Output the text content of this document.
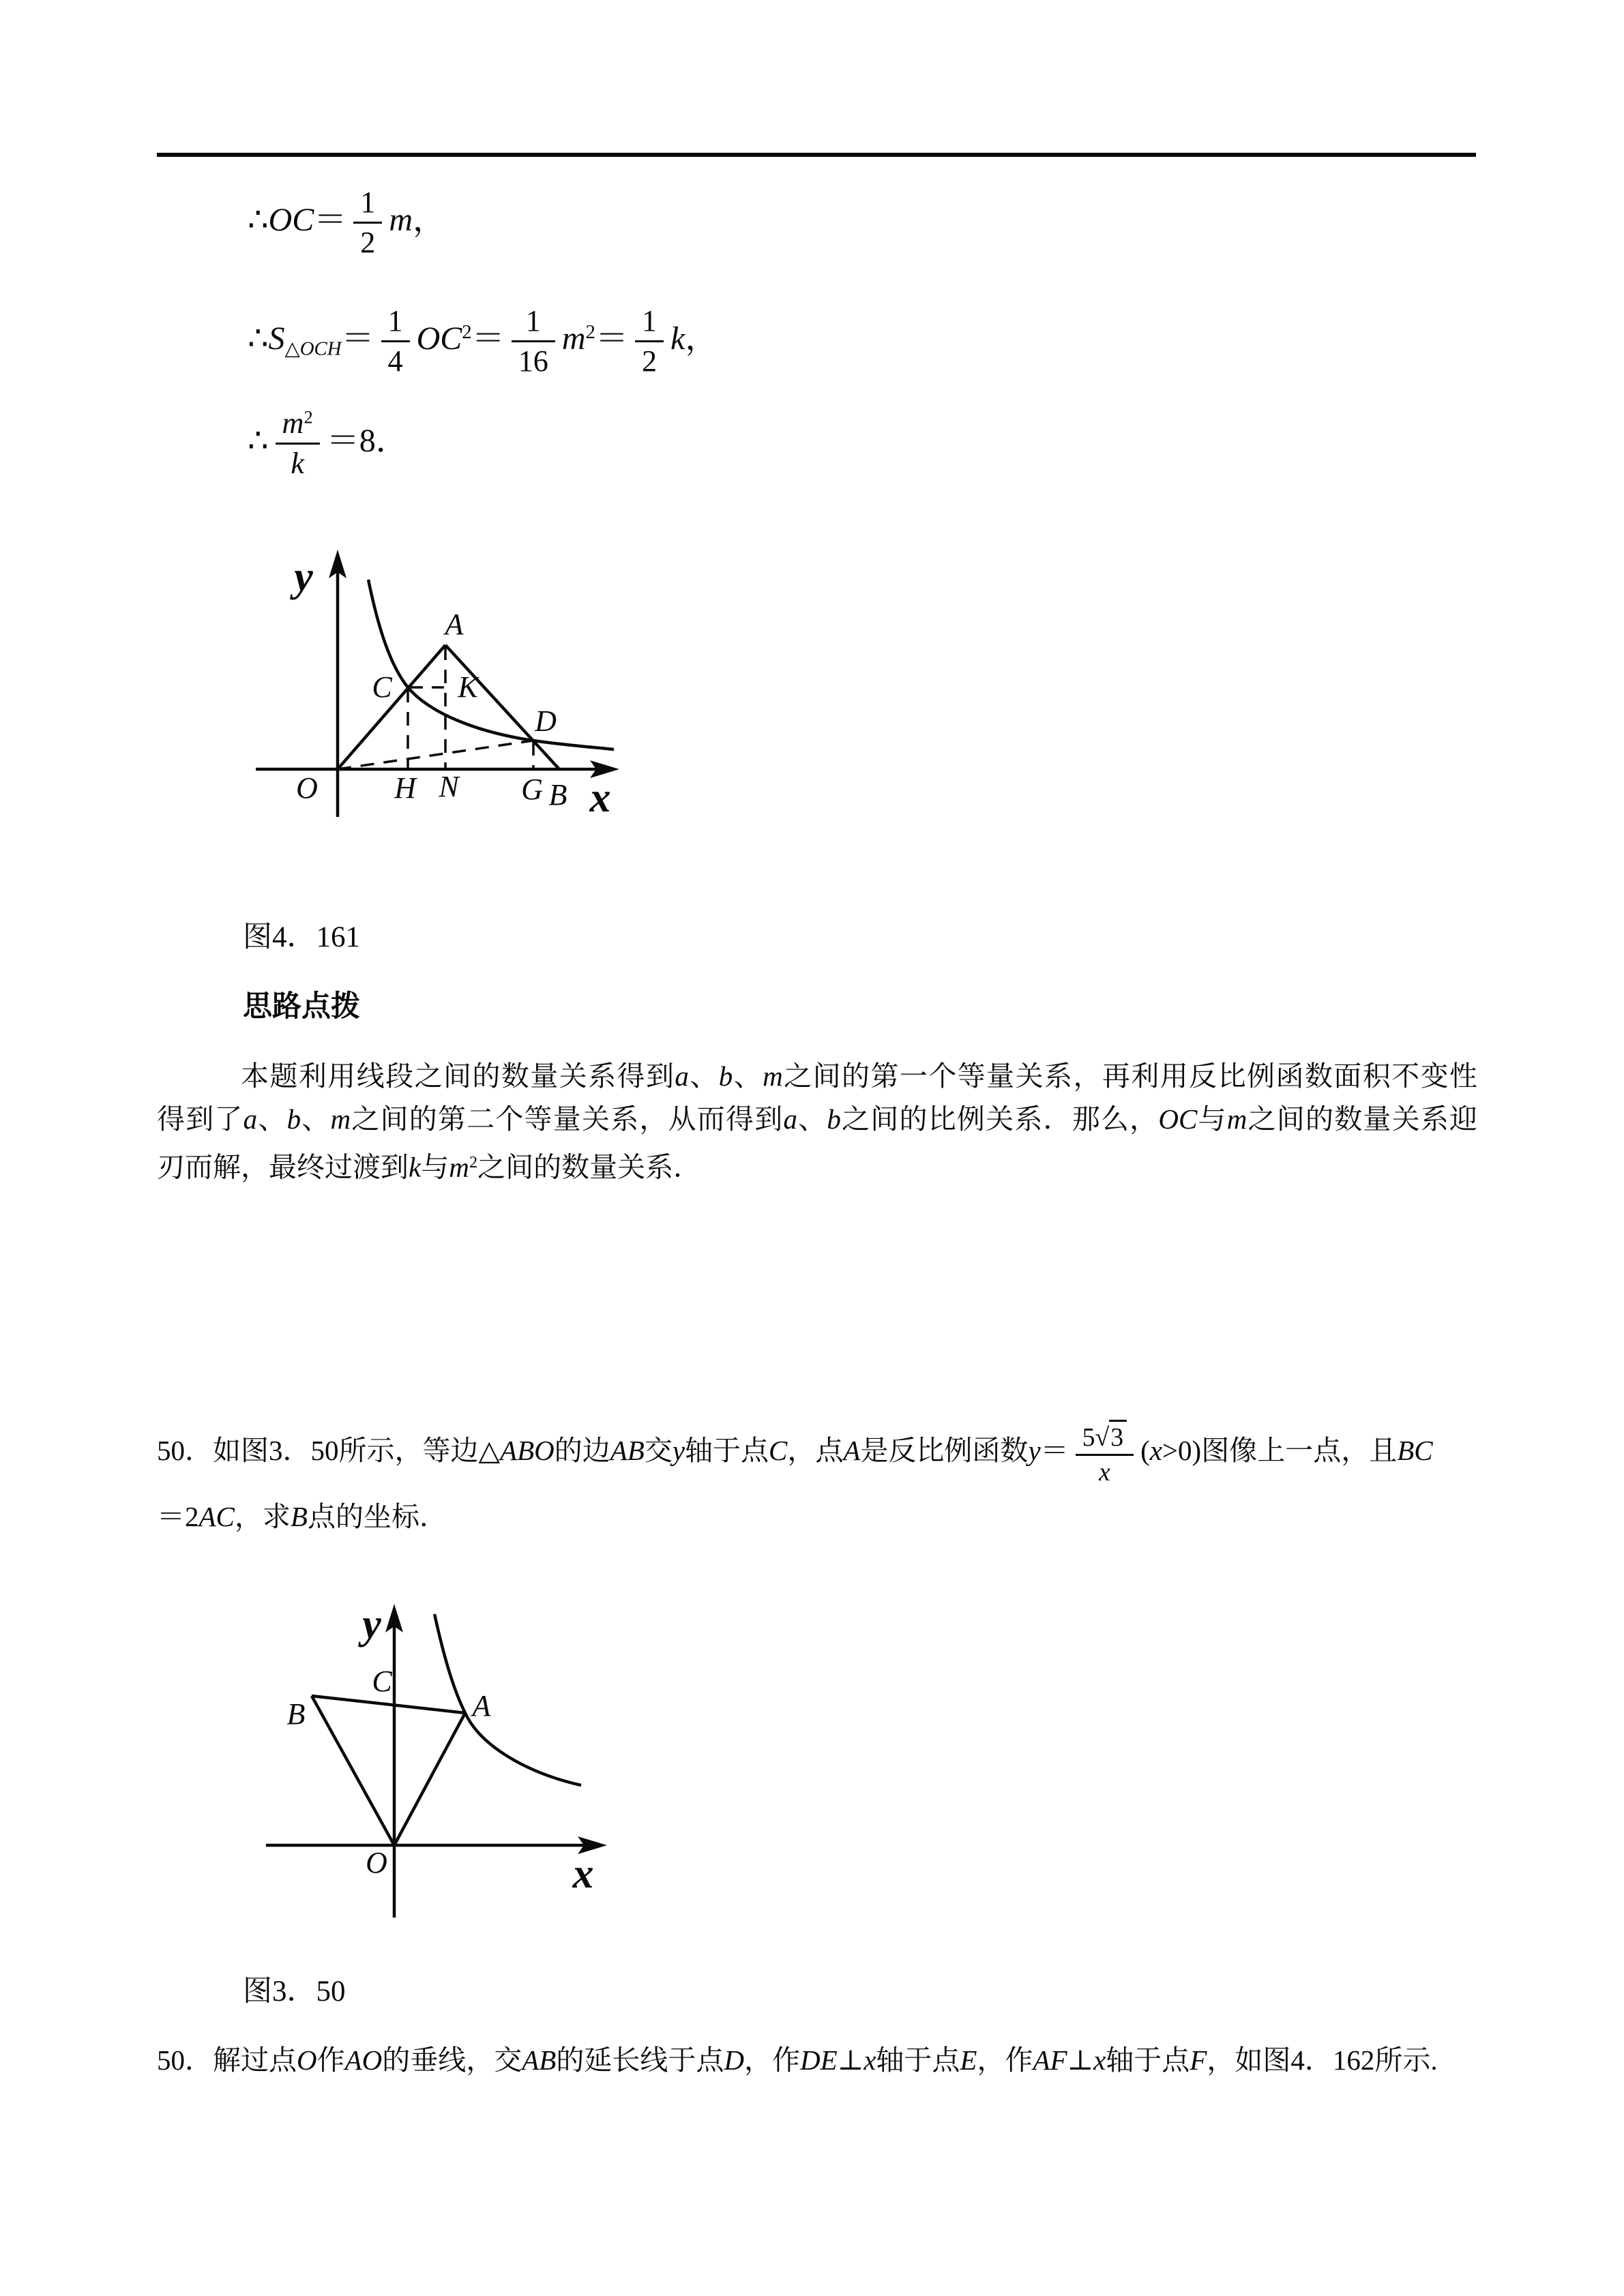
∴OC＝ $\frac{1}{2}$ m，
$\therefore S_{\triangle OCH}= \frac{1}{4} OC^2= \frac{1}{16} m^2= \frac{1}{2}$ k，
∴ $\frac{m^2}{k} =8$．
y
x
O	H N G B
A
C K
D
图4．161
思路点拨
本题利用线段之间的数量关系得到a、b、m之间的第一个等量关系，再利用反比例函数面积不变性
得到了a、b、m之间的第二个等量关系，从而得到a、b之间的比例关系．那么，OC与m之间的数量关系迎
刃而解，最终过渡到k与$m^2$之间的数量关系．
50．如图3．50所示，等边△ABO的边AB交y轴于点C，点A是反比例函数$y= \frac{5√3}{x} (x>0)$图像上一点，且BC
＝2AC，求B点的坐标．
y
x
C
B	A
O
图3．50
50．解过点O作AO的垂线，交AB的延长线于点D，作DE⊥x轴于点E，作AF⊥x轴于点F，如图4．162所示.
